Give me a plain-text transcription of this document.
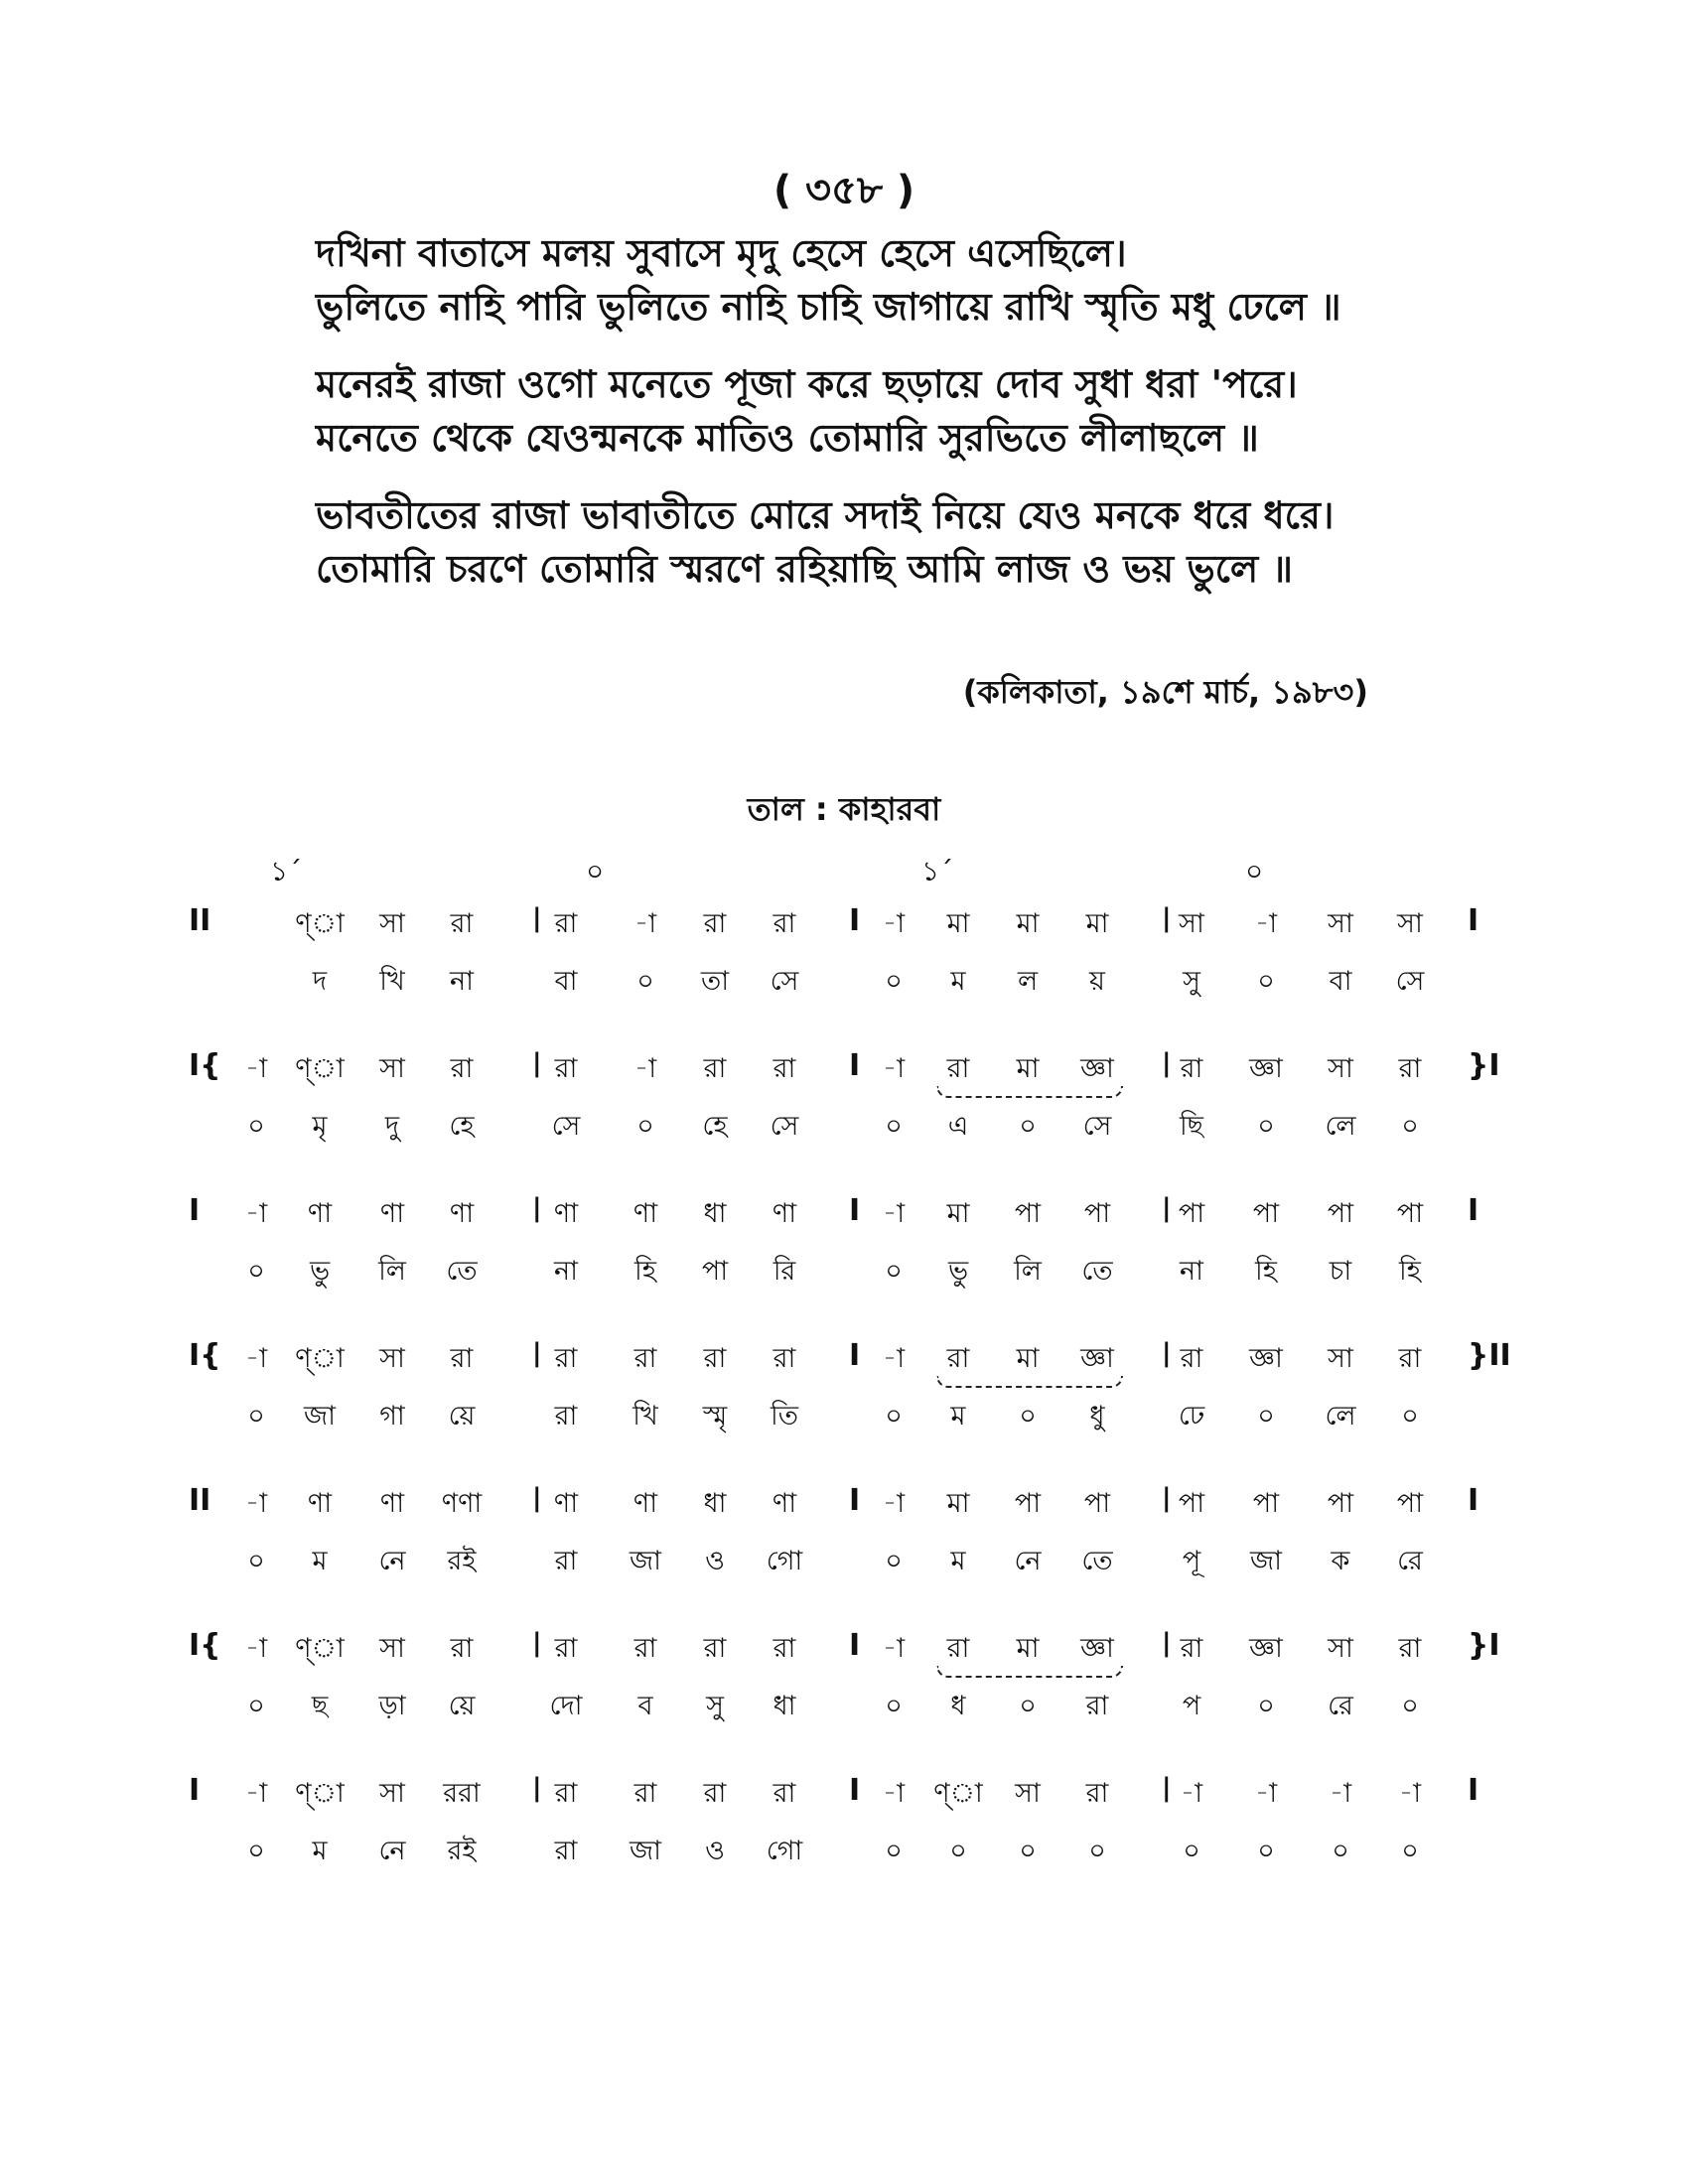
( ৩৫৮ )
দখিনা বাতাসে মলয় সুবাসে মৃদু হেসে হেসে এসেছিলে।
ভুলিতে নাহি পারি ভুলিতে নাহি চাহি জাগায়ে রাখি স্মৃতি মধু ঢেলে ॥
মনেরই রাজা ওগো মনেতে পূজা করে ছড়ায়ে দোব সুধা ধরা 'পরে।
মনেতে থেকে যেওন্মনকে মাতিও তোমারি সুরভিতে লীলাছলে ॥
ভাবতীতের রাজা ভাবাতীতে মোরে সদাই নিয়ে যেও মনকে ধরে ধরে।
তোমারি চরণে তোমারি স্মরণে রহিয়াছি আমি লাজ ও ভয় ভুলে ॥
(কলিকাতা, ১৯শে মার্চ, ১৯৮৩)
তাল : কাহারবা
১´	০	১´	০
II	|	I	|
ণ্া	সা	রা	রা	-া	রা	রা	-া	মা	মা	মা	সা	-া	সা	সা	I
দ	খি	না	বা	০	তা	সে	০	ম	ল	য়	সু	০	বা	সে
I{	|	I	|
-া	ণ্া	সা	রা	রা	-া	রা	রা	-া	রা	মা	জ্ঞা	রা	জ্ঞা	সা	রা	}I
০	মৃ	দু	হে	সে	০	হে	সে	০	এ	০	সে	ছি	০	লে	০
I	|	I	|
-া	ণা	ণা	ণা	ণা	ণা	ধা	ণা	-া	মা	পা	পা	পা	পা	পা	পা	I
০	ভু	লি	তে	না	হি	পা	রি	০	ভু	লি	তে	না	হি	চা	হি
I{	|	I	|
-া	ণ্া	সা	রা	রা	রা	রা	রা	-া	রা	মা	জ্ঞা	রা	জ্ঞা	সা	রা	}II
০	জা	গা	য়ে	রা	খি	স্মৃ	তি	০	ম	০	ধু	ঢে	০	লে	০
II	|	I	|
-া	ণা	ণা	ণণা	ণা	ণা	ধা	ণা	-া	মা	পা	পা	পা	পা	পা	পা	I
০	ম	নে	রই	রা	জা	ও	গো	০	ম	নে	তে	পূ	জা	ক	রে
I{	|	I	|
-া	ণ্া	সা	রা	রা	রা	রা	রা	-া	রা	মা	জ্ঞা	রা	জ্ঞা	সা	রা	}I
০	ছ	ড়া	য়ে	দো	ব	সু	ধা	০	ধ	০	রা	প	০	রে	০
I	|	I	|
-া	ণ্া	সা	ররা	রা	রা	রা	রা	-া	ণ্া	সা	রা	-া	-া	-া	-া	I
০	ম	নে	রই	রা	জা	ও	গো	০	০	০	০	০	০	০	০
